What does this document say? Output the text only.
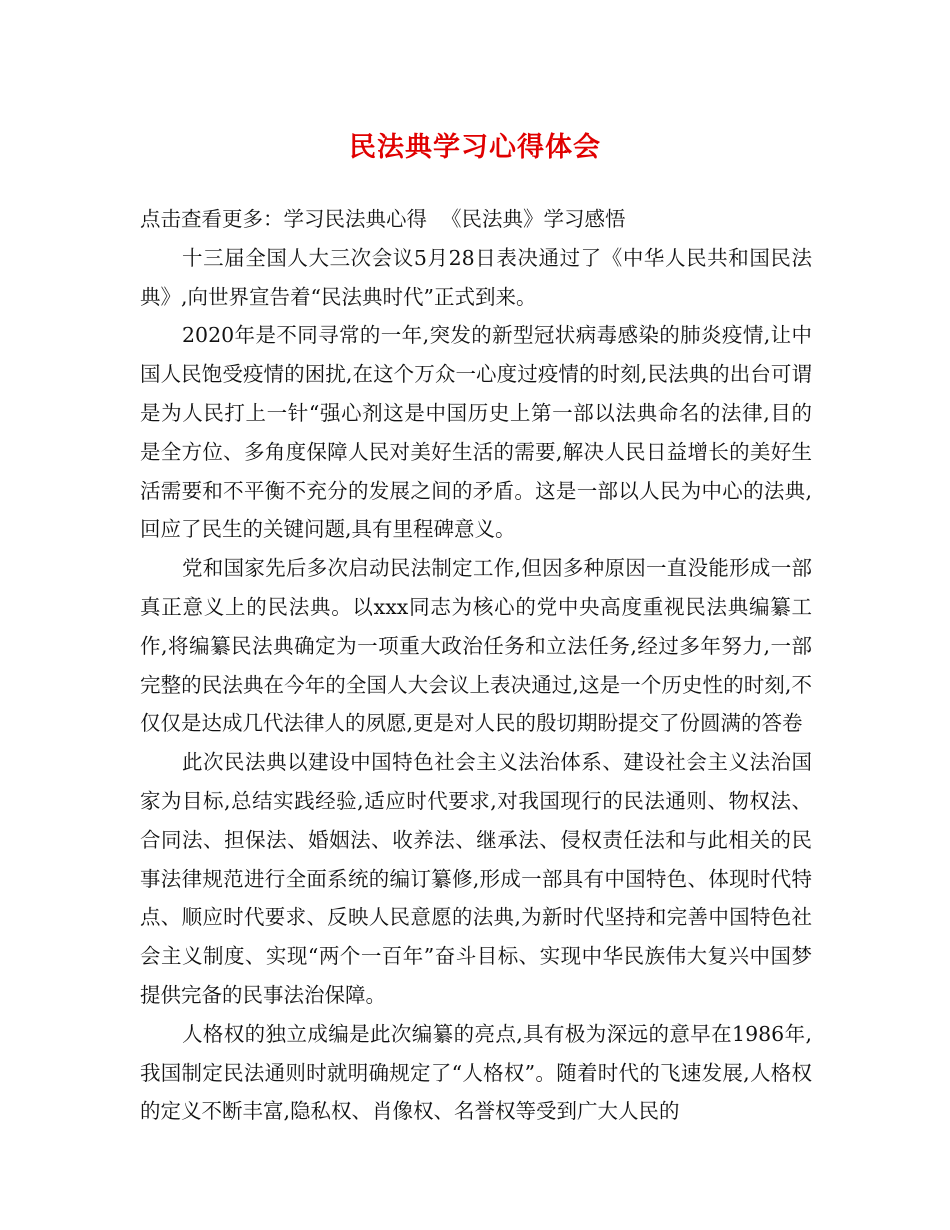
民法典学习心得体会

点击查看更多：学习民法典心得 《民法典》学习感悟

十三届全国人大三次会议5月28日表决通过了《中华人民共和国民法典》,向世界宣告着“民法典时代”正式到来。

2020年是不同寻常的一年,突发的新型冠状病毒感染的肺炎疫情,让中国人民饱受疫情的困扰,在这个万众一心度过疫情的时刻,民法典的出台可谓是为人民打上一针“强心剂这是中国历史上第一部以法典命名的法律,目的是全方位、多角度保障人民对美好生活的需要,解决人民日益增长的美好生活需要和不平衡不充分的发展之间的矛盾。这是一部以人民为中心的法典,回应了民生的关键问题,具有里程碑意义。

党和国家先后多次启动民法制定工作,但因多种原因一直没能形成一部真正意义上的民法典。以xxx同志为核心的党中央高度重视民法典编纂工作,将编纂民法典确定为一项重大政治任务和立法任务,经过多年努力,一部完整的民法典在今年的全国人大会议上表决通过,这是一个历史性的时刻,不仅仅是达成几代法律人的夙愿,更是对人民的殷切期盼提交了份圆满的答卷

此次民法典以建设中国特色社会主义法治体系、建设社会主义法治国家为目标,总结实践经验,适应时代要求,对我国现行的民法通则、物权法、合同法、担保法、婚姻法、收养法、继承法、侵权责任法和与此相关的民事法律规范进行全面系统的编订纂修,形成一部具有中国特色、体现时代特点、顺应时代要求、反映人民意愿的法典,为新时代坚持和完善中国特色社会主义制度、实现“两个一百年”奋斗目标、实现中华民族伟大复兴中国梦提供完备的民事法治保障。

人格权的独立成编是此次编纂的亮点,具有极为深远的意早在1986年,我国制定民法通则时就明确规定了“人格权”。随着时代的飞速发展,人格权的定义不断丰富,隐私权、肖像权、名誉权等受到广大人民的
